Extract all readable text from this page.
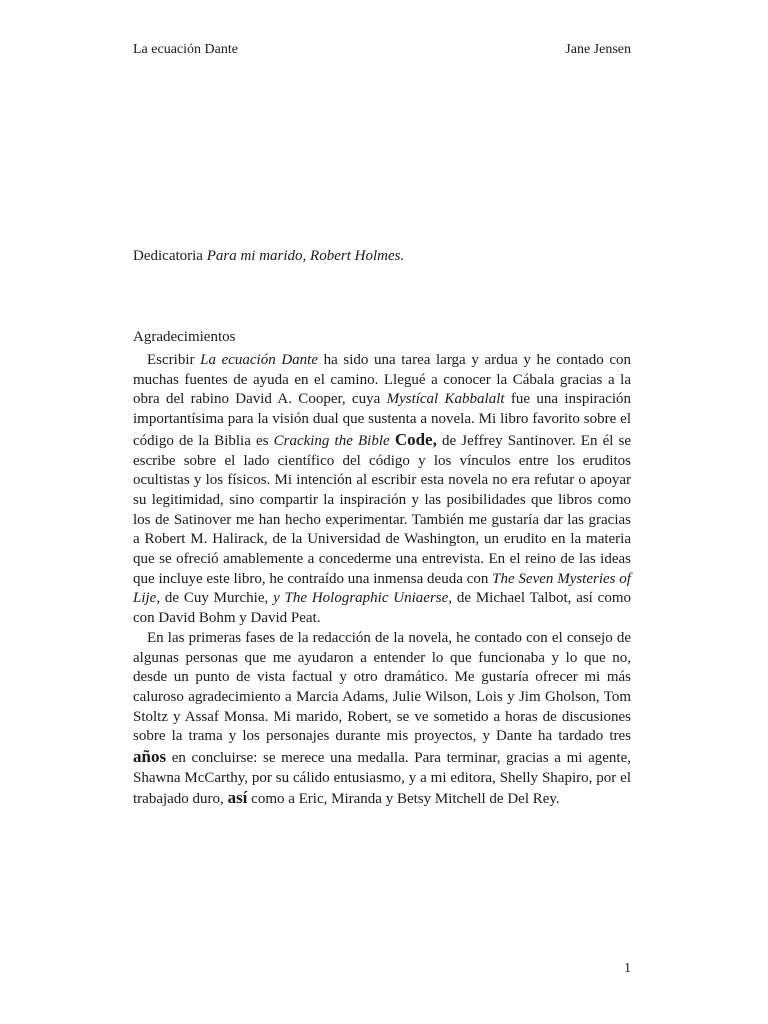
La ecuación Dante	Jane Jensen
Dedicatoria Para mi marido, Robert Holmes.
Agradecimientos

Escribir La ecuación Dante ha sido una tarea larga y ardua y he contado con muchas fuentes de ayuda en el camino. Llegué a conocer la Cábala gracias a la obra del rabino David A. Cooper, cuya Mystícal Kabbalalt fue una inspiración importantísima para la visión dual que sustenta a novela. Mi libro favorito sobre el código de la Biblia es Cracking the Bible Code, de Jeffrey Santinover. En él se escribe sobre el lado científico del código y los vínculos entre los eruditos ocultistas y los físicos. Mi intención al escribir esta novela no era refutar o apoyar su legitimidad, sino compartir la inspiración y las posibilidades que libros como los de Satinover me han hecho experimentar. También me gustaría dar las gracias a Robert M. Halirack, de la Universidad de Washington, un erudito en la materia que se ofreció amablemente a concederme una entrevista. En el reino de las ideas que incluye este libro, he contraído una inmensa deuda con The Seven Mysteries of Lije, de Cuy Murchie, y The Holographic Uniaerse, de Michael Talbot, así como con David Bohm y David Peat.

En las primeras fases de la redacción de la novela, he contado con el consejo de algunas personas que me ayudaron a entender lo que funcionaba y lo que no, desde un punto de vista factual y otro dramático. Me gustaría ofrecer mi más caluroso agradecimiento a Marcia Adams, Julie Wilson, Lois y Jim Gholson, Tom Stoltz y Assaf Monsa. Mi marido, Robert, se ve sometido a horas de discusiones sobre la trama y los personajes durante mis proyectos, y Dante ha tardado tres años en concluirse: se merece una medalla. Para terminar, gracias a mi agente, Shawna McCarthy, por su cálido entusiasmo, y a mi editora, Shelly Shapiro, por el trabajado duro, así como a Eric, Miranda y Betsy Mitchell de Del Rey.

1
